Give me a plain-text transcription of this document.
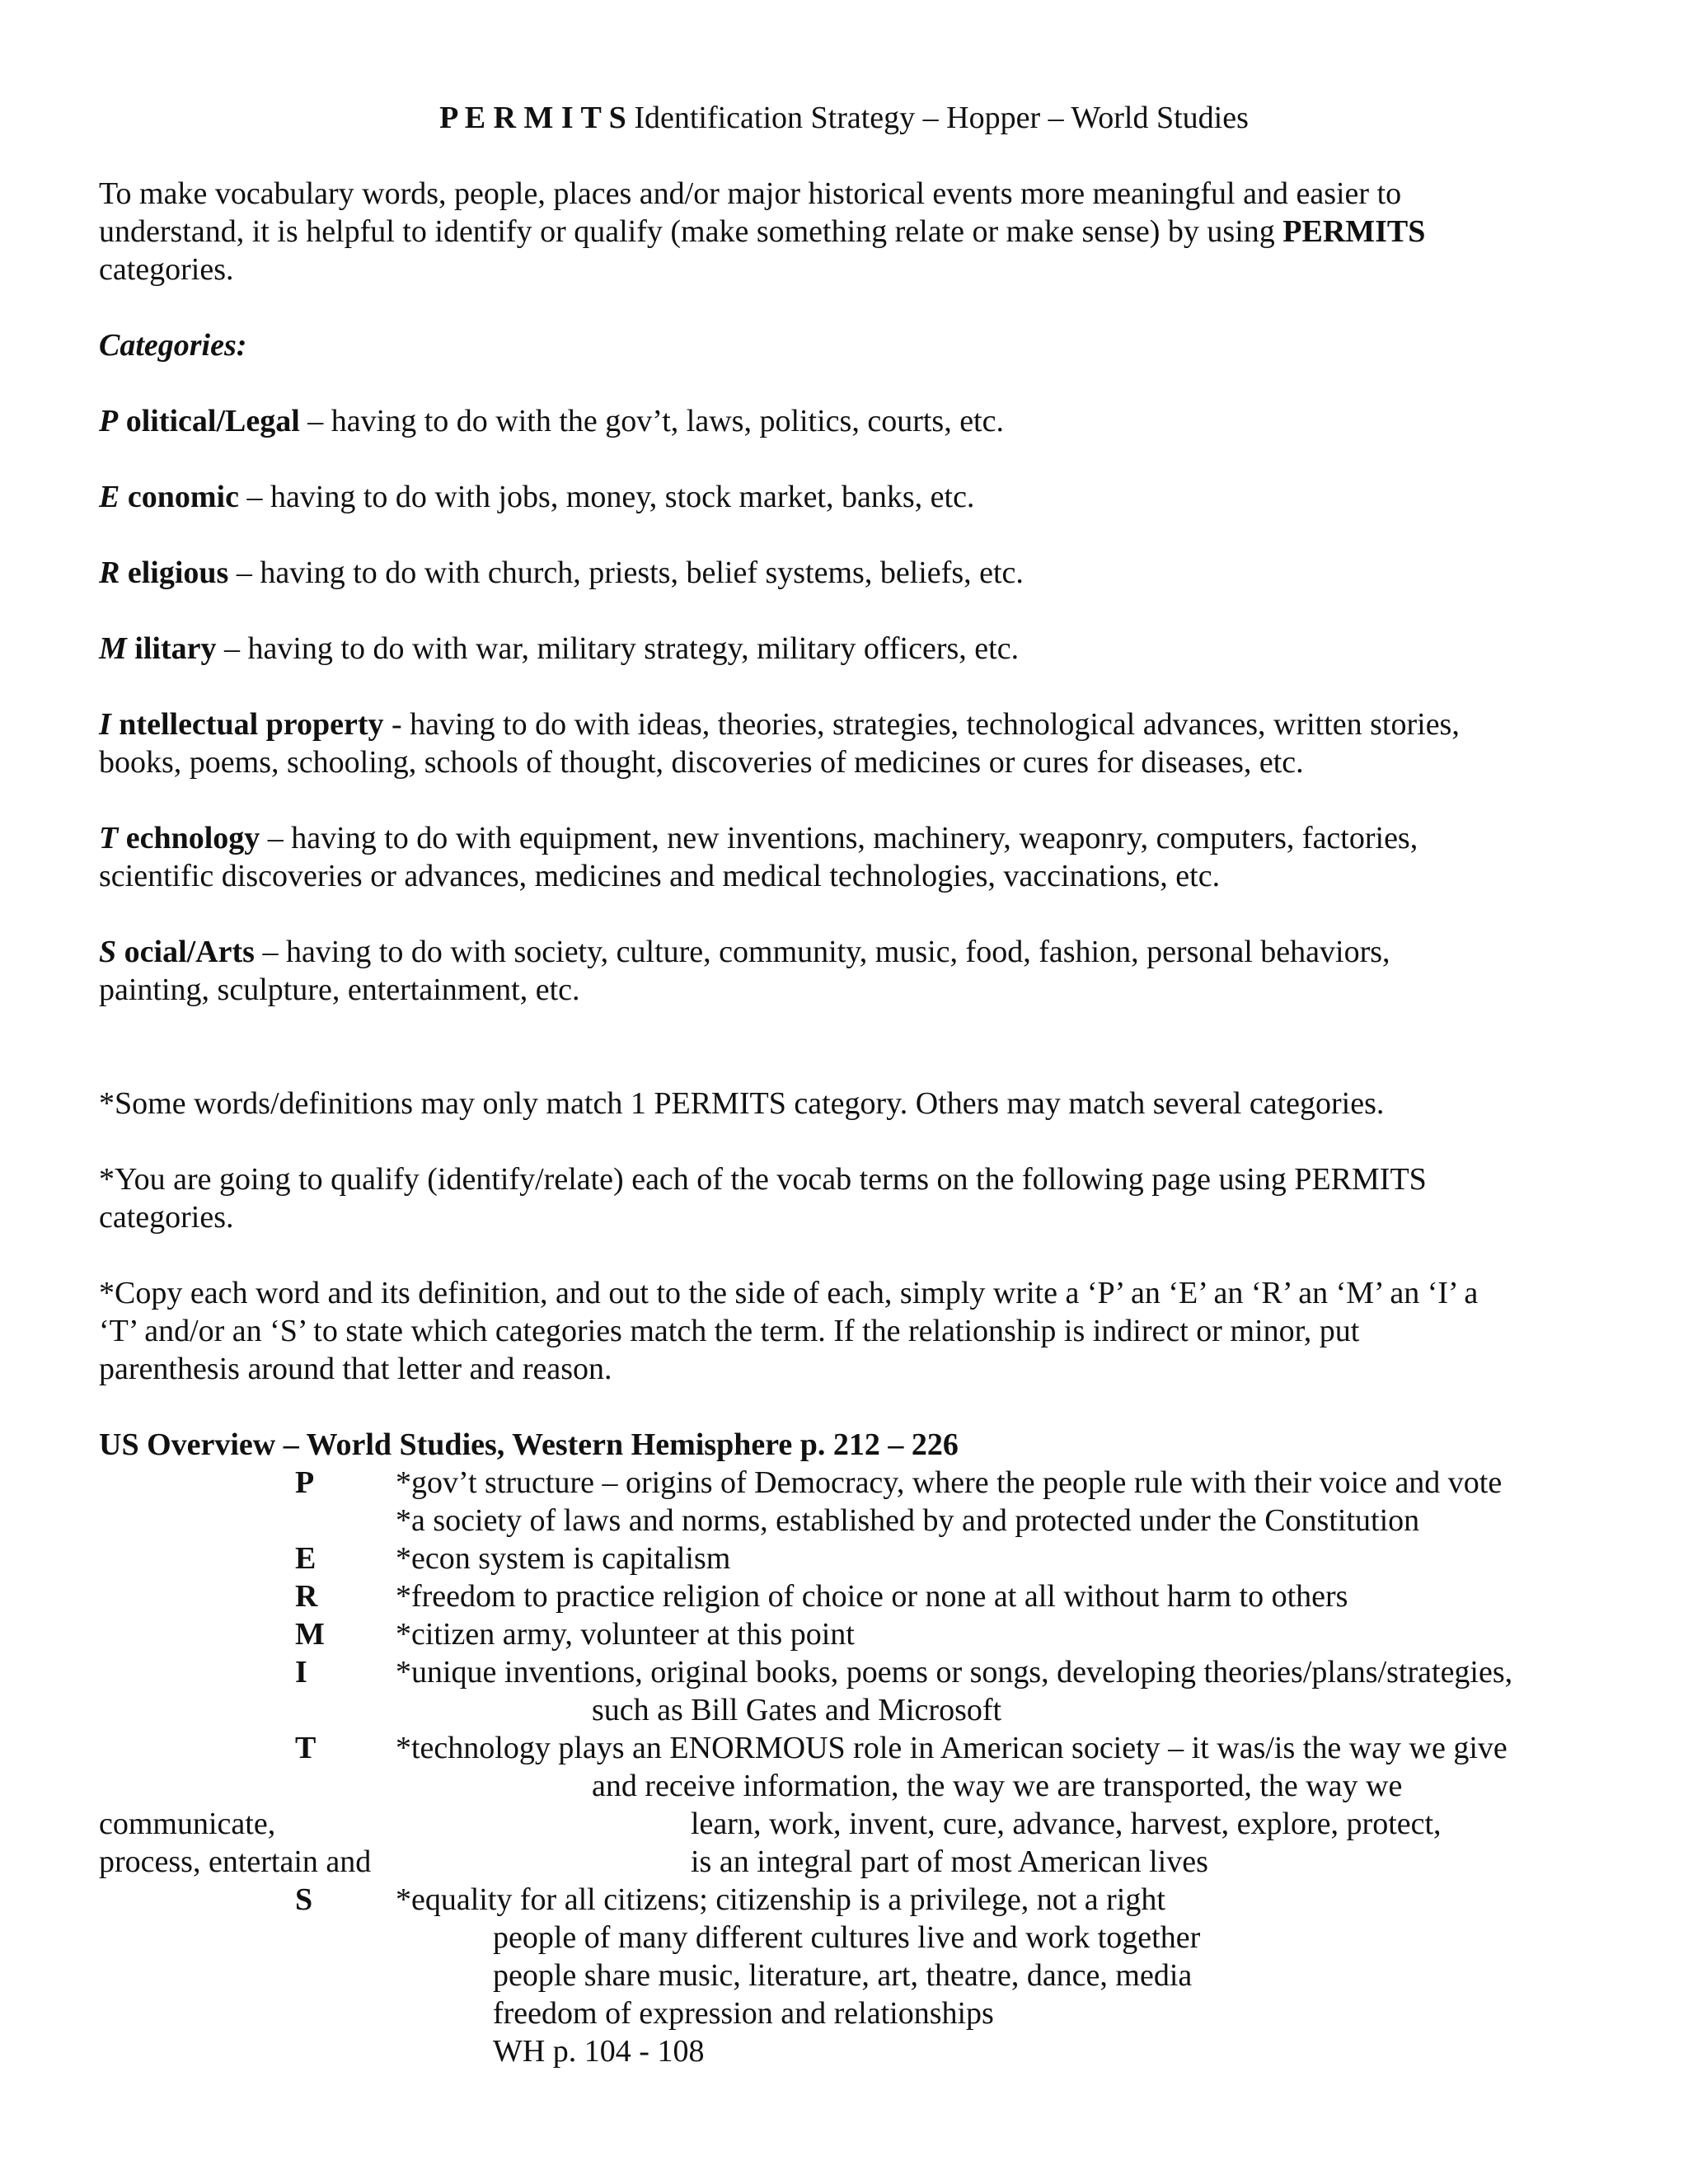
P E R M I T S Identification Strategy – Hopper – World Studies
To make vocabulary words, people, places and/or major historical events more meaningful and easier to
understand, it is helpful to identify or qualify (make something relate or make sense) by using PERMITS
categories.
Categories:
P olitical/Legal – having to do with the gov’t, laws, politics, courts, etc.
E conomic – having to do with jobs, money, stock market, banks, etc.
R eligious – having to do with church, priests, belief systems, beliefs, etc.
M ilitary – having to do with war, military strategy, military officers, etc.
I ntellectual property - having to do with ideas, theories, strategies, technological advances, written stories,
books, poems, schooling, schools of thought, discoveries of medicines or cures for diseases, etc.
T echnology – having to do with equipment, new inventions, machinery, weaponry, computers, factories,
scientific discoveries or advances, medicines and medical technologies, vaccinations, etc.
S ocial/Arts – having to do with society, culture, community, music, food, fashion, personal behaviors,
painting, sculpture, entertainment, etc.
*Some words/definitions may only match 1 PERMITS category. Others may match several categories.
*You are going to qualify (identify/relate) each of the vocab terms on the following page using PERMITS
categories.
*Copy each word and its definition, and out to the side of each, simply write a ‘P’ an ‘E’ an ‘R’ an ‘M’ an ‘I’ a
‘T’ and/or an ‘S’ to state which categories match the term. If the relationship is indirect or minor, put
parenthesis around that letter and reason.
US Overview – World Studies, Western Hemisphere p. 212 – 226
P	*gov’t structure – origins of Democracy, where the people rule with their voice and vote
*a society of laws and norms, established by and protected under the Constitution
E	*econ system is capitalism
R *freedom to practice religion of choice or none at all without harm to others
M *citizen army, volunteer at this point
I	*unique inventions, original books, poems or songs, developing theories/plans/strategies,
such as Bill Gates and Microsoft
T	*technology plays an ENORMOUS role in American society – it was/is the way we give
and receive information, the way we are transported, the way we
communicate,	learn, work, invent, cure, advance, harvest, explore, protect,
process, entertain and	is an integral part of most American lives
S	*equality for all citizens; citizenship is a privilege, not a right
people of many different cultures live and work together
people share music, literature, art, theatre, dance, media
freedom of expression and relationships
WH p. 104 - 108
